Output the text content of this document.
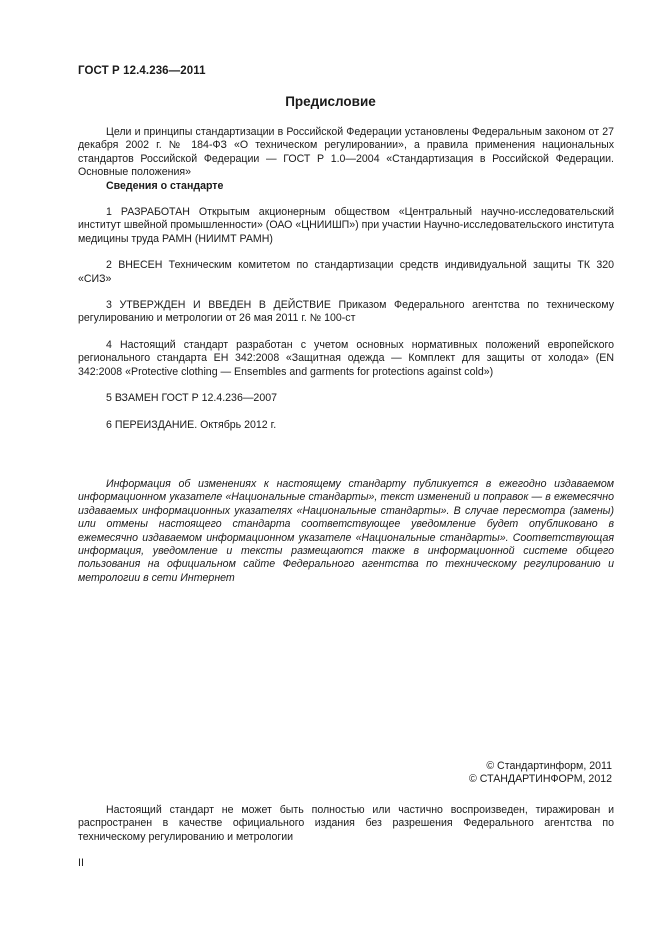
ГОСТ Р 12.4.236—2011
Предисловие

Цели и принципы стандартизации в Российской Федерации установлены Федеральным законом от 27 декабря 2002 г. № 184-ФЗ «О техническом регулировании», а правила применения национальных стандартов Российской Федерации — ГОСТ Р 1.0—2004 «Стандартизация в Российской Федерации. Основные положения»

Сведения о стандарте

1 РАЗРАБОТАН Открытым акционерным обществом «Центральный научно-исследовательский институт швейной промышленности» (ОАО «ЦНИИШП») при участии Научно-исследовательского института медицины труда РАМН (НИИМТ РАМН)

2 ВНЕСЕН Техническим комитетом по стандартизации средств индивидуальной защиты ТК 320 «СИЗ»

3 УТВЕРЖДЕН И ВВЕДЕН В ДЕЙСТВИЕ Приказом Федерального агентства по техническому регулированию и метрологии от 26 мая 2011 г. № 100-ст

4 Настоящий стандарт разработан с учетом основных нормативных положений европейского регионального стандарта ЕН 342:2008 «Защитная одежда — Комплект для защиты от холода» (EN 342:2008 «Protective clothing — Ensembles and garments for protections against cold»)

5 ВЗАМЕН ГОСТ Р 12.4.236—2007

6 ПЕРЕИЗДАНИЕ. Октябрь 2012 г.

Информация об изменениях к настоящему стандарту публикуется в ежегодно издаваемом информационном указателе «Национальные стандарты», текст изменений и поправок — в ежемесячно издаваемых информационных указателях «Национальные стандарты». В случае пересмотра (замены) или отмены настоящего стандарта соответствующее уведомление будет опубликовано в ежемесячно издаваемом информационном указателе «Национальные стандарты». Соответствующая информация, уведомление и тексты размещаются также в информационной системе общего пользования на официальном сайте Федерального агентства по техническому регулированию и метрологии в сети Интернет

© Стандартинформ, 2011
© СТАНДАРТИНФОРМ, 2012

Настоящий стандарт не может быть полностью или частично воспроизведен, тиражирован и распространен в качестве официального издания без разрешения Федерального агентства по техническому регулированию и метрологии

II
